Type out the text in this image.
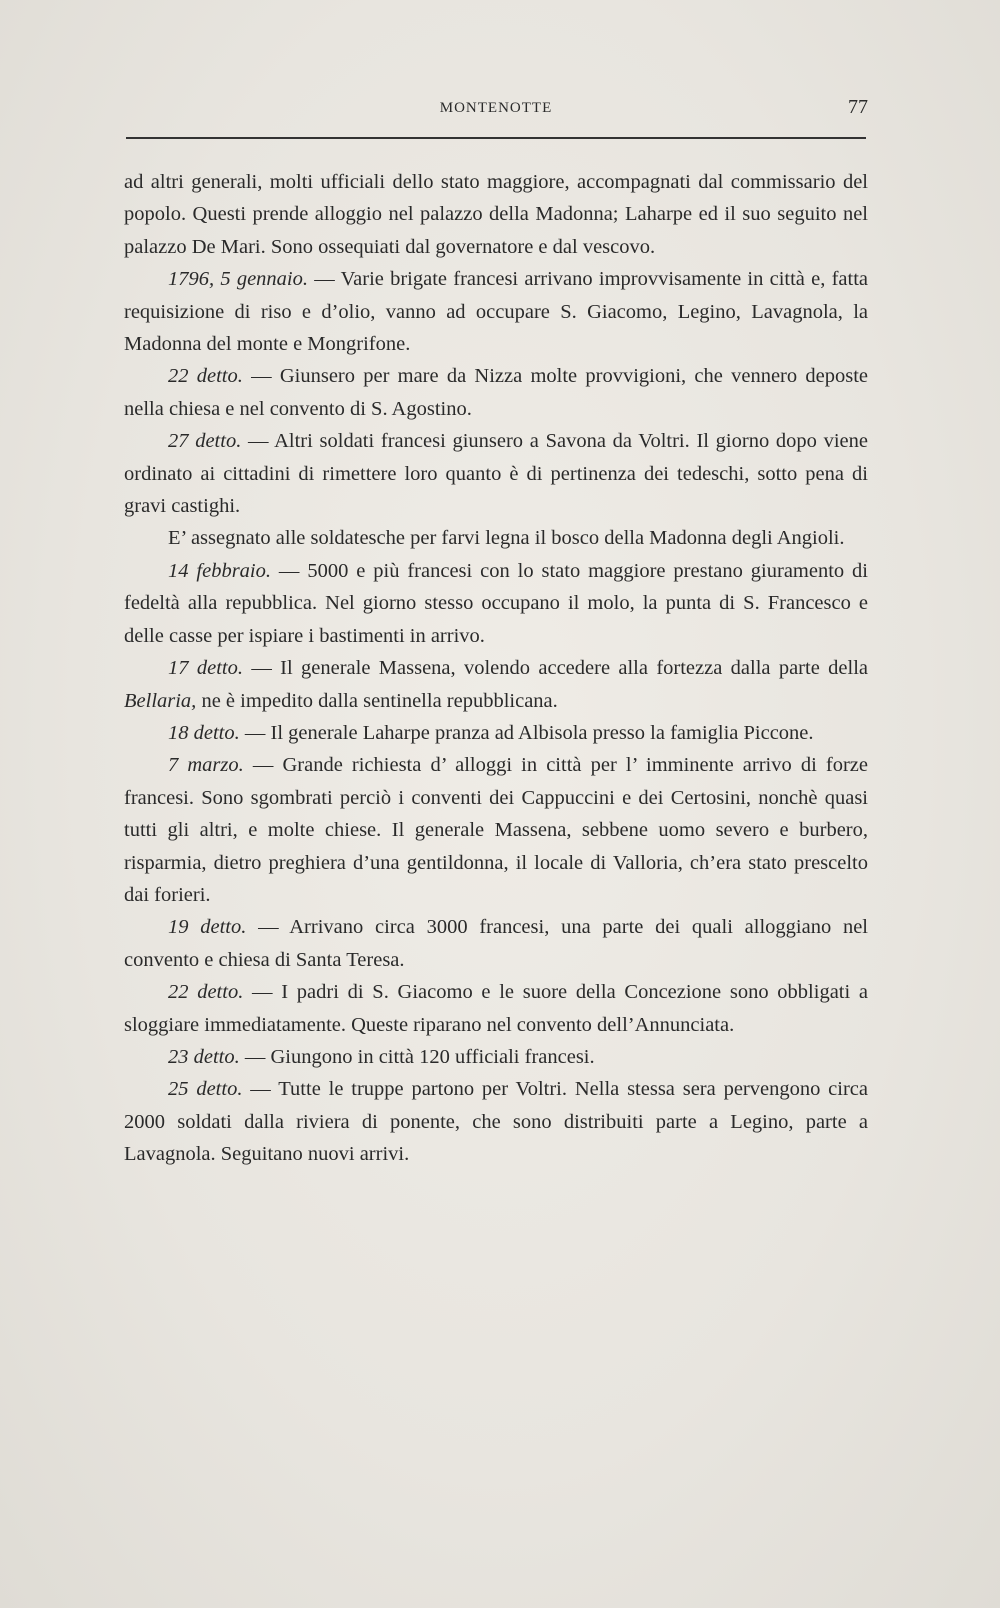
MONTENOTTE	77

ad altri generali, molti ufficiali dello stato maggiore, accompagnati dal commissario del popolo. Questi prende alloggio nel palazzo della Madonna; Laharpe ed il suo seguito nel palazzo De Mari. Sono ossequiati dal governatore e dal vescovo.

1796, 5 gennaio. — Varie brigate francesi arrivano improvvisamente in città e, fatta requisizione di riso e d’olio, vanno ad occupare S. Giacomo, Legino, Lavagnola, la Madonna del monte e Mongrifone.

22 detto. — Giunsero per mare da Nizza molte provvigioni, che vennero deposte nella chiesa e nel convento di S. Agostino.

27 detto. — Altri soldati francesi giunsero a Savona da Voltri. Il giorno dopo viene ordinato ai cittadini di rimettere loro quanto è di pertinenza dei tedeschi, sotto pena di gravi castighi.

E’ assegnato alle soldatesche per farvi legna il bosco della Madonna degli Angioli.

14 febbraio. — 5000 e più francesi con lo stato maggiore prestano giuramento di fedeltà alla repubblica. Nel giorno stesso occupano il molo, la punta di S. Francesco e delle casse per ispiare i bastimenti in arrivo.

17 detto. — Il generale Massena, volendo accedere alla fortezza dalla parte della Bellaria, ne è impedito dalla sentinella repubblicana.

18 detto. — Il generale Laharpe pranza ad Albisola presso la famiglia Piccone.

7 marzo. — Grande richiesta d’ alloggi in città per l’ imminente arrivo di forze francesi. Sono sgombrati perciò i conventi dei Cappuccini e dei Certosini, nonchè quasi tutti gli altri, e molte chiese. Il generale Massena, sebbene uomo severo e burbero, risparmia, dietro preghiera d’una gentildonna, il locale di Valloria, ch’era stato prescelto dai forieri.

19 detto. — Arrivano circa 3000 francesi, una parte dei quali alloggiano nel convento e chiesa di Santa Teresa.

22 detto. — I padri di S. Giacomo e le suore della Concezione sono obbligati a sloggiare immediatamente. Queste riparano nel convento dell’Annunciata.

23 detto. — Giungono in città 120 ufficiali francesi.

25 detto. — Tutte le truppe partono per Voltri. Nella stessa sera pervengono circa 2000 soldati dalla riviera di ponente, che sono distribuiti parte a Legino, parte a Lavagnola. Seguitano nuovi arrivi.
